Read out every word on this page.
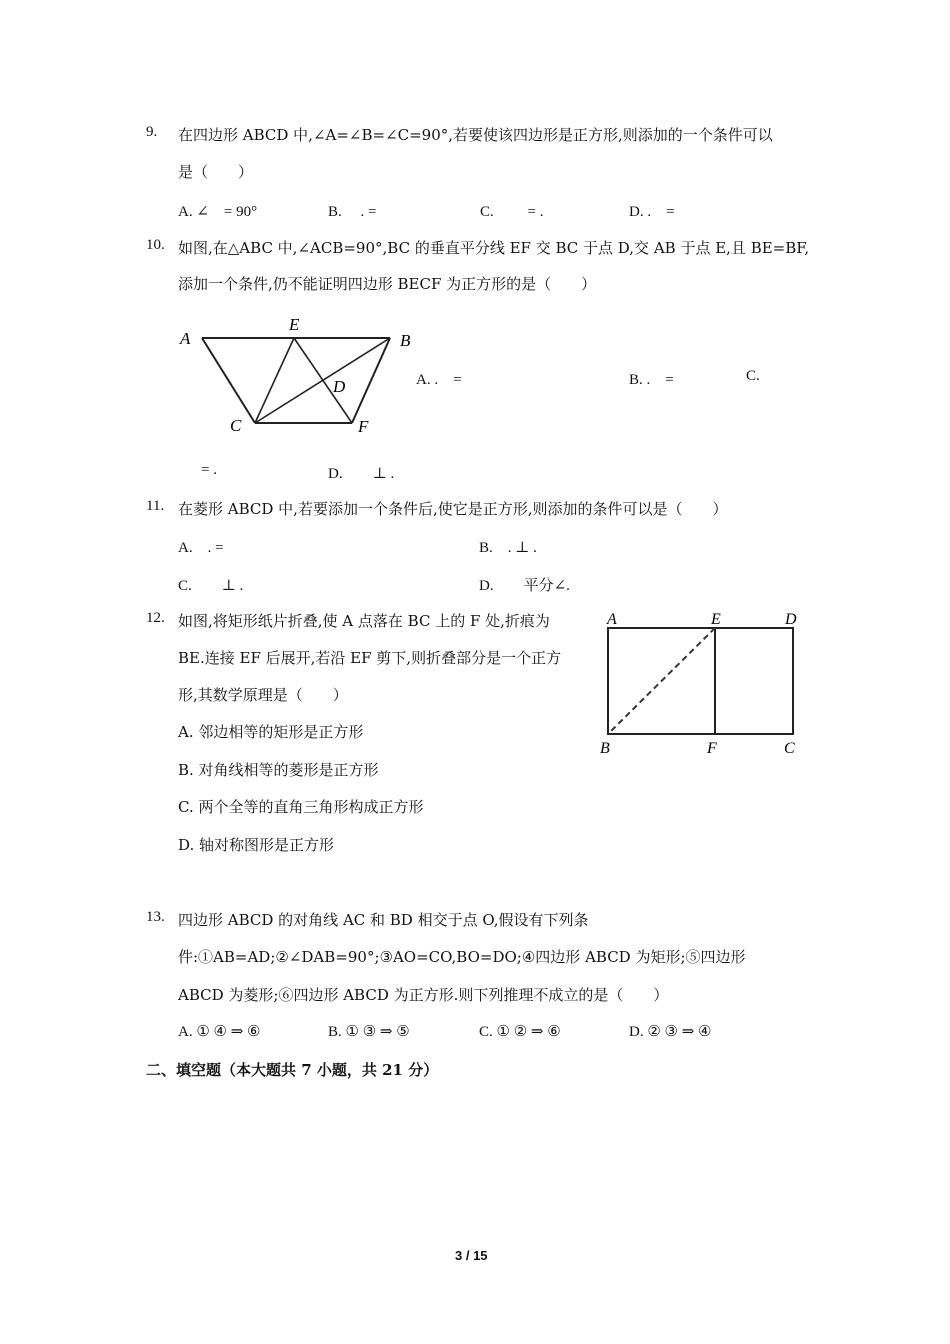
9. 在四边形 ABCD 中,∠A=∠B=∠C=90°,若要使该四边形是正方形,则添加的一个条件可以
是（　　）
A. ∠　= 90°	B. 　. =	C. 　　= .	D. .　=
10. 如图,在△ABC 中,∠ACB=90°,BC 的垂直平分线 EF 交 BC 于点 D,交 AB 于点 E,且 BE=BF,
添加一个条件,仍不能证明四边形 BECF 为正方形的是（　　）
A
E
B
D
C	F
A. .　=	B. .　=	C.
= .	D.　　⊥ .
11. 在菱形 ABCD 中,若要添加一个条件后,使它是正方形,则添加的条件可以是（　　）
A.　. =	B.　. ⊥ .
C.　　⊥ .	D.　　平分∠.
12. 如图,将矩形纸片折叠,使 A 点落在 BC 上的 F 处,折痕为
BE.连接 EF 后展开,若沿 EF 剪下,则折叠部分是一个正方
形,其数学原理是（　　）
A. 邻边相等的矩形是正方形
B. 对角线相等的菱形是正方形
C. 两个全等的直角三角形构成正方形
D. 轴对称图形是正方形
A	E	D
B	F	C
13. 四边形 ABCD 的对角线 AC 和 BD 相交于点 O,假设有下列条
件:①AB=AD;②∠DAB=90°;③AO=CO,BO=DO;④四边形 ABCD 为矩形;⑤四边形
ABCD 为菱形;⑥四边形 ABCD 为正方形.则下列推理不成立的是（　　）
A. ① ④ ⇒ ⑥	B. ① ③ ⇒ ⑤	C. ① ② ⇒ ⑥	D. ② ③ ⇒ ④
二、填空题（本大题共 7 小题，共 21 分）
3 / 15
